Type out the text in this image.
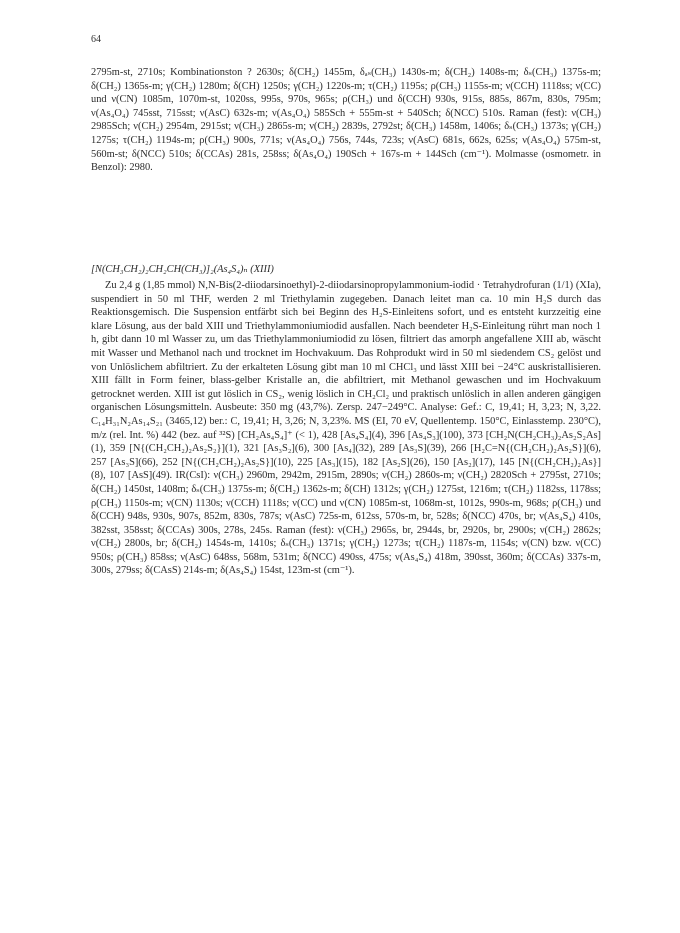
64

2795m-st, 2710s; Kombinationston ? 2630s; δ(CH₂) 1455m, δₐₛ(CH₃) 1430s-m; δ(CH₂) 1408s-m; δₛ(CH₃) 1375s-m; δ(CH₂) 1365s-m; γ(CH₂) 1280m; δ(CH) 1250s; γ(CH₂) 1220s-m; τ(CH₂) 1195s; ρ(CH₃) 1155s-m; ν(CCH) 1118ss; ν(CC) und ν(CN) 1085m, 1070m-st, 1020ss, 995s, 970s, 965s; ρ(CH₃) und δ(CCH) 930s, 915s, 885s, 867m, 830s, 795m; ν(As₄O₄) 745sst, 715sst; ν(AsC) 632s-m; ν(As₄O₄) 585Sch + 555m-st + 540Sch; δ(NCC) 510s. Raman (fest): ν(CH₃) 2985Sch; ν(CH₂) 2954m, 2915st; ν(CH₃) 2865s-m; ν(CH₂) 2839s, 2792st; δ(CH₃) 1458m, 1406s; δₛ(CH₃) 1373s; γ(CH₂) 1275s; τ(CH₂) 1194s-m; ρ(CH₃) 900s, 771s; ν(As₄O₄) 756s, 744s, 723s; ν(AsC) 681s, 662s, 625s; ν(As₄O₄) 575m-st, 560m-st; δ(NCC) 510s; δ(CCAs) 281s, 258ss; δ(As₄O₄) 190Sch + 167s-m + 144Sch (cm⁻¹). Molmasse (osmometr. in Benzol): 2980.

[N(CH₃CH₂)₂CH₂CH(CH₃)]₂(As₄S₄)ₙ (XIII)

Zu 2,4 g (1,85 mmol) N,N-Bis(2-diiodarsinoethyl)-2-diiodarsinopropylammonium-iodid · Tetrahydrofuran (1/1) (XIa), suspendiert in 50 ml THF, werden 2 ml Triethylamin zugegeben. Danach leitet man ca. 10 min H₂S durch das Reaktionsgemisch. Die Suspension entfärbt sich bei Beginn des H₂S-Einleitens sofort, und es entsteht kurzzeitig eine klare Lösung, aus der bald XIII und Triethylammoniumiodid ausfallen. Nach beendeter H₂S-Einleitung rührt man noch 1 h, gibt dann 10 ml Wasser zu, um das Triethylammoniumiodid zu lösen, filtriert das amorph angefallene XIII ab, wäscht mit Wasser und Methanol nach und trocknet im Hochvakuum. Das Rohprodukt wird in 50 ml siedendem CS₂ gelöst und von Unlöslichem abfiltriert. Zu der erkalteten Lösung gibt man 10 ml CHCl₃ und lässt XIII bei −24°C auskristallisieren. XIII fällt in Form feiner, blass-gelber Kristalle an, die abfiltriert, mit Methanol gewaschen und im Hochvakuum getrocknet werden. XIII ist gut löslich in CS₂, wenig löslich in CH₂Cl₂ und praktisch unlöslich in allen anderen gängigen organischen Lösungsmitteln. Ausbeute: 350 mg (43,7%). Zersp. 247−249°C. Analyse: Gef.: C, 19,41; H, 3,23; N, 3,22. C₁₄H₃₁N₂As₁₄S₂₁ (3465,12) ber.: C, 19,41; H, 3,26; N, 3,23%. MS (EI, 70 eV, Quellentemp. 150°C, Einlasstemp. 230°C), m/z (rel. Int. %) 442 (bez. auf ³²S) [CH₂As₄S₄]⁺ (< 1), 428 [As₄S₄](4), 396 [As₄S₃](100), 373 [CH₂N(CH₂CH₃)₂As₂S₂As](1), 359 [N{(CH₂CH₂)₂As₂S₂}](1), 321 [As₃S₂](6), 300 [As₄](32), 289 [As₃S](39), 266 [H₂C=N{(CH₂CH₂)₂As₂S}](6), 257 [As₃S](66), 252 [N{(CH₂CH₂)₂As₂S}](10), 225 [As₃](15), 182 [As₂S](26), 150 [As₂](17), 145 [N{(CH₂CH₂)₂As}](8), 107 [AsS](49). IR(CsI): ν(CH₃) 2960m, 2942m, 2915m, 2890s; ν(CH₂) 2860s-m; ν(CH₂) 2820Sch + 2795st, 2710s; δ(CH₂) 1450st, 1408m; δₛ(CH₃) 1375s-m; δ(CH₂) 1362s-m; δ(CH) 1312s; γ(CH₂) 1275st, 1216m; τ(CH₂) 1182ss, 1178ss; ρ(CH₃) 1150s-m; ν(CN) 1130s; ν(CCH) 1118s; ν(CC) und ν(CN) 1085m-st, 1068m-st, 1012s, 990s-m, 968s; ρ(CH₃) und δ(CCH) 948s, 930s, 907s, 852m, 830s, 787s; ν(AsC) 725s-m, 612ss, 570s-m, br, 528s; δ(NCC) 470s, br; ν(As₄S₄) 410s, 382sst, 358sst; δ(CCAs) 300s, 278s, 245s. Raman (fest): ν(CH₃) 2965s, br, 2944s, br, 2920s, br, 2900s; ν(CH₂) 2862s; ν(CH₂) 2800s, br; δ(CH₂) 1454s-m, 1410s; δₛ(CH₃) 1371s; γ(CH₂) 1273s; τ(CH₂) 1187s-m, 1154s; ν(CN) bzw. ν(CC) 950s; ρ(CH₃) 858ss; ν(AsC) 648ss, 568m, 531m; δ(NCC) 490ss, 475s; ν(As₄S₄) 418m, 390sst, 360m; δ(CCAs) 337s-m, 300s, 279ss; δ(CAsS) 214s-m; δ(As₄S₄) 154st, 123m-st (cm⁻¹).
